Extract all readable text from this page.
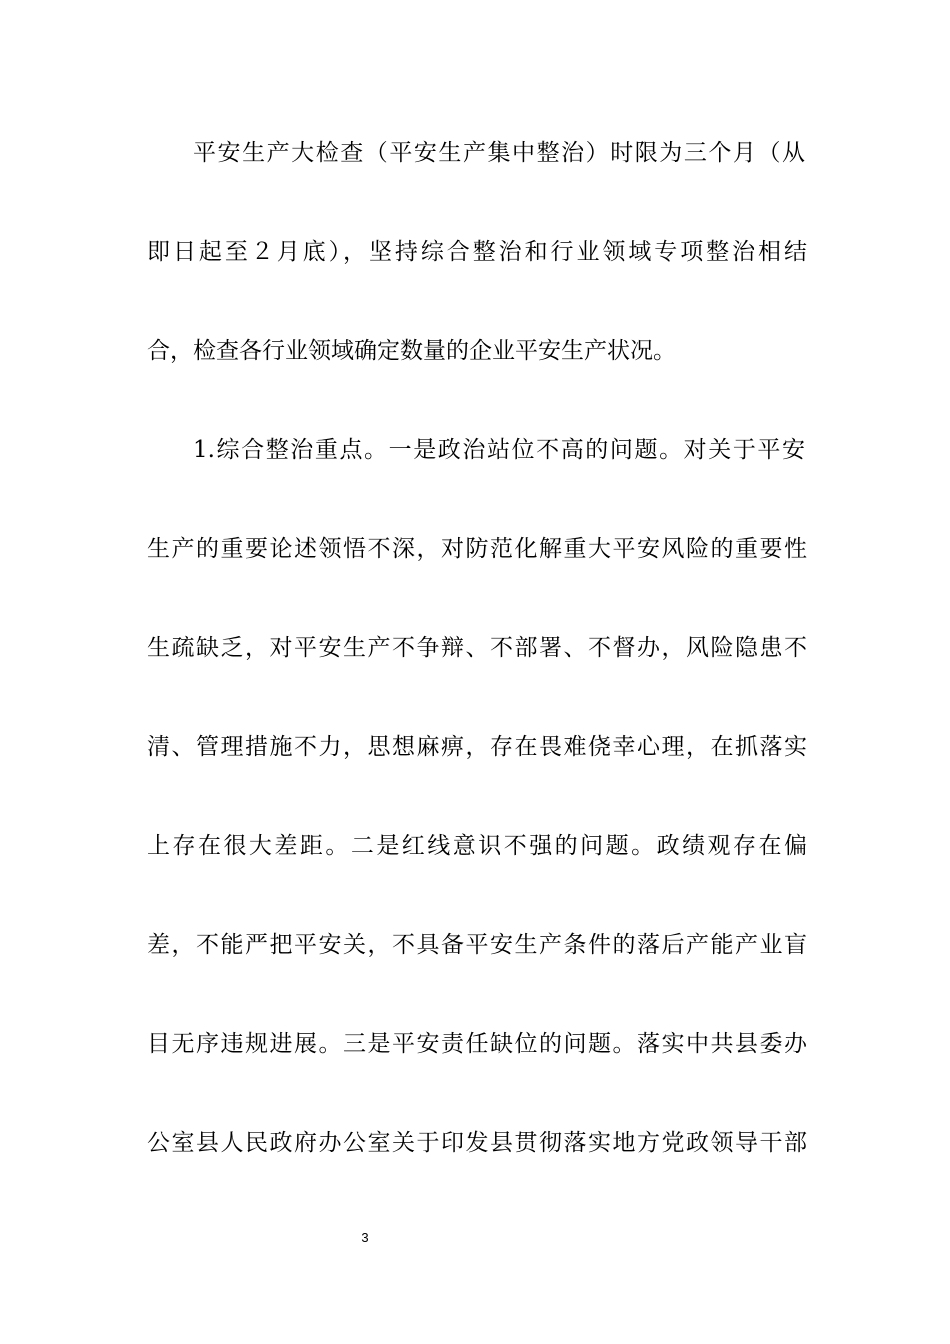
平安生产大检查（平安生产集中整治）时限为三个月（从
即日起至２月底），坚持综合整治和行业领域专项整治相结
合，检查各行业领域确定数量的企业平安生产状况。
1.综合整治重点。一是政治站位不高的问题。对关于平安
生产的重要论述领悟不深，对防范化解重大平安风险的重要性
生疏缺乏，对平安生产不争辩、不部署、不督办，风险隐患不
清、管理措施不力，思想麻痹，存在畏难侥幸心理，在抓落实
上存在很大差距。二是红线意识不强的问题。政绩观存在偏
差，不能严把平安关，不具备平安生产条件的落后产能产业盲
目无序违规进展。三是平安责任缺位的问题。落实中共县委办
公室县人民政府办公室关于印发县贯彻落实地方党政领导干部
3
